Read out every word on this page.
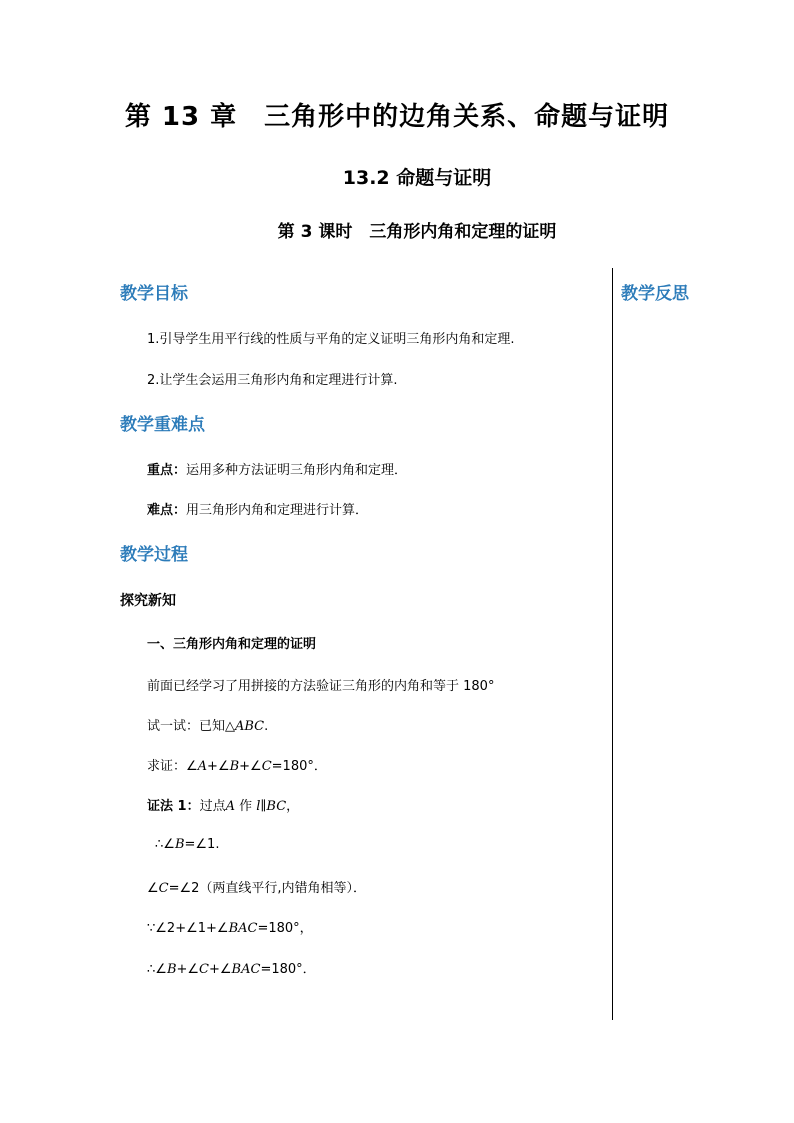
第 13 章　三角形中的边角关系、命题与证明
13.2 命题与证明
第 3 课时　三角形内角和定理的证明
教学反思
教学目标
1.引导学生用平行线的性质与平角的定义证明三角形内角和定理.
2.让学生会运用三角形内角和定理进行计算.
教学重难点
重点：运用多种方法证明三角形内角和定理．
难点：用三角形内角和定理进行计算．
教学过程
探究新知
一、三角形内角和定理的证明
前面已经学习了用拼接的方法验证三角形的内角和等于 180°
试一试：已知△ABC.
求证：∠A+∠B+∠C=180°．
证法 1：过点A 作 l∥BC，
∴∠B=∠1.
∠C=∠2（两直线平行,内错角相等）．
∵∠2+∠1+∠BAC=180°，
∴∠B+∠C+∠BAC=180°．
